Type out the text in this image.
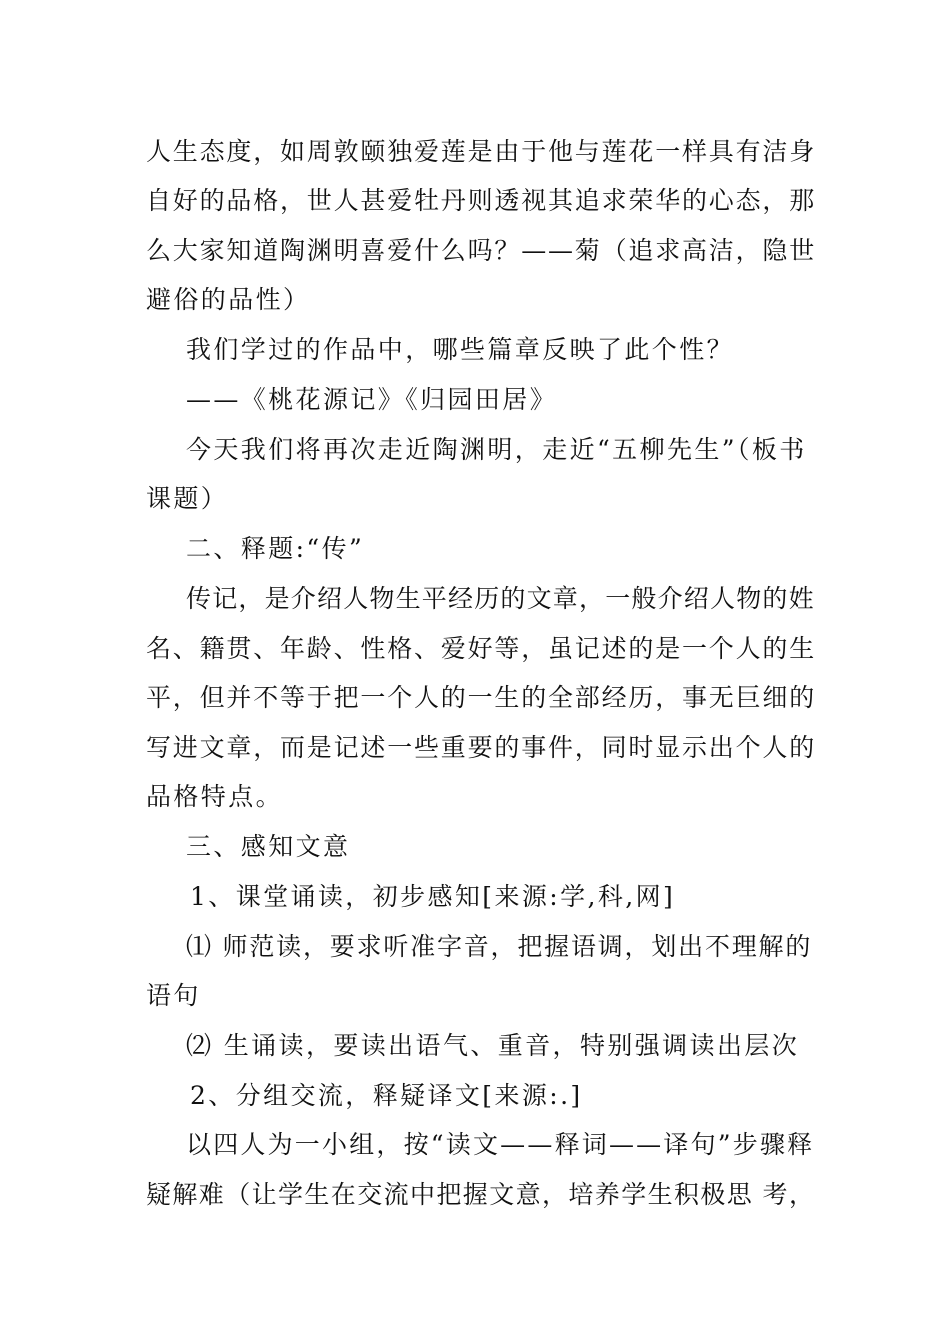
人生态度，如周敦颐独爱莲是由于他与莲花一样具有洁身
自好的品格，世人甚爱牡丹则透视其追求荣华的心态，那
么大家知道陶渊明喜爱什么吗？——菊（追求高洁，隐世
避俗的品性）
我们学过的作品中，哪些篇章反映了此个性？
——《桃花源记》《归园田居》
今天我们将再次走近陶渊明，走近“五柳先生”（板书
课题）
二、释题:“传”
传记，是介绍人物生平经历的文章，一般介绍人物的姓
名、籍贯、年龄、性格、爱好等，虽记述的是一个人的生
平，但并不等于把一个人的一生的全部经历，事无巨细的
写进文章，而是记述一些重要的事件，同时显示出个人的
品格特点。
三、感知文意
1、课堂诵读，初步感知[来源:学,科,网]
⑴ 师范读，要求听准字音，把握语调，划出不理解的
语句
⑵ 生诵读，要读出语气、重音，特别强调读出层次
2、分组交流，释疑译文[来源:.]
以四人为一小组，按“读文——释词——译句”步骤释
疑解难（让学生在交流中把握文意，培养学生积极思 考，
